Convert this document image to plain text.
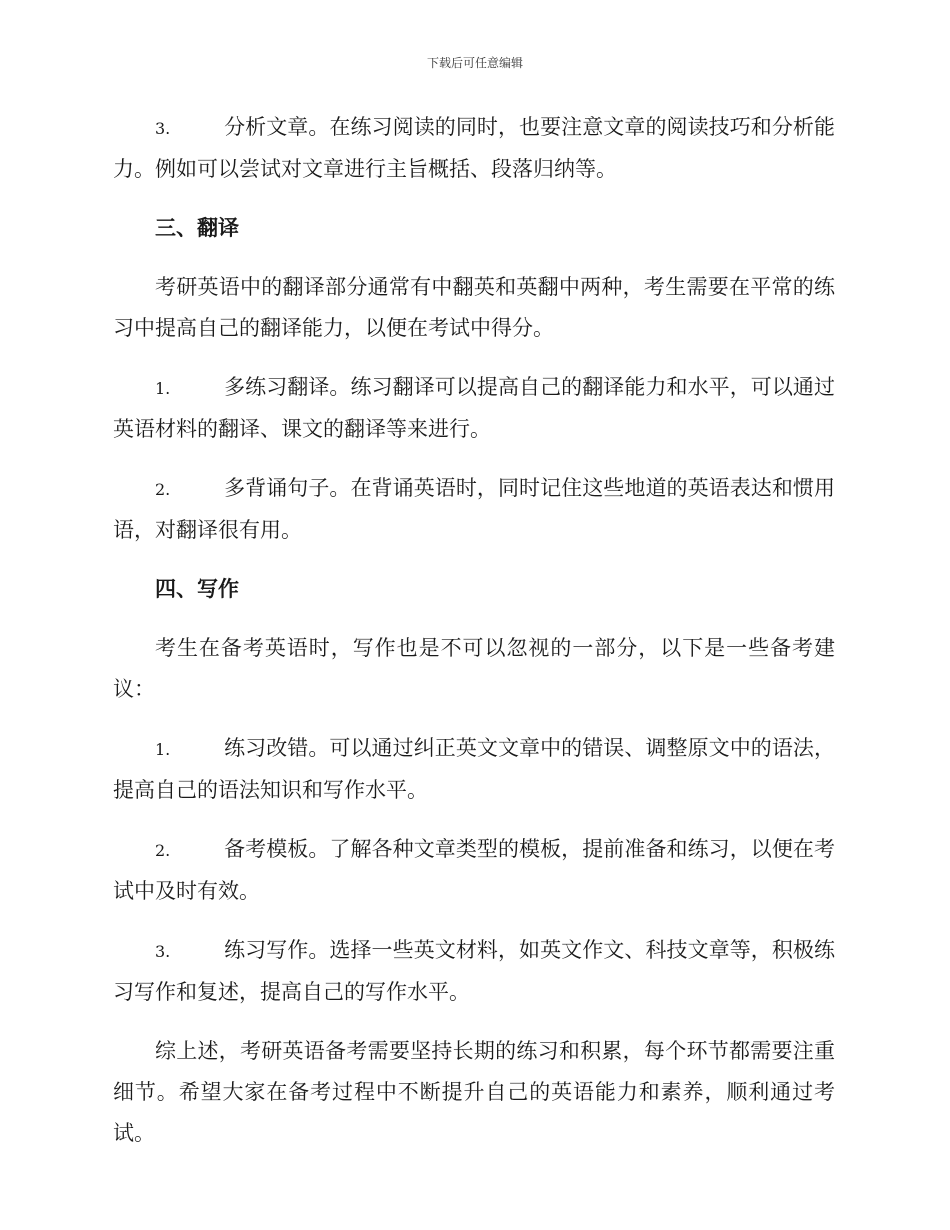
下载后可任意编辑

3.	分析文章。在练习阅读的同时，也要注意文章的阅读技巧和分析能力。例如可以尝试对文章进行主旨概括、段落归纳等。

三、翻译

考研英语中的翻译部分通常有中翻英和英翻中两种，考生需要在平常的练习中提高自己的翻译能力，以便在考试中得分。

1.	多练习翻译。练习翻译可以提高自己的翻译能力和水平，可以通过英语材料的翻译、课文的翻译等来进行。

2.	多背诵句子。在背诵英语时，同时记住这些地道的英语表达和惯用语，对翻译很有用。

四、写作

考生在备考英语时，写作也是不可以忽视的一部分，以下是一些备考建议：

1.	练习改错。可以通过纠正英文文章中的错误、调整原文中的语法，提高自己的语法知识和写作水平。

2.	备考模板。了解各种文章类型的模板，提前准备和练习，以便在考试中及时有效。

3.	练习写作。选择一些英文材料，如英文作文、科技文章等，积极练习写作和复述，提高自己的写作水平。

综上述，考研英语备考需要坚持长期的练习和积累，每个环节都需要注重细节。希望大家在备考过程中不断提升自己的英语能力和素养，顺利通过考试。
